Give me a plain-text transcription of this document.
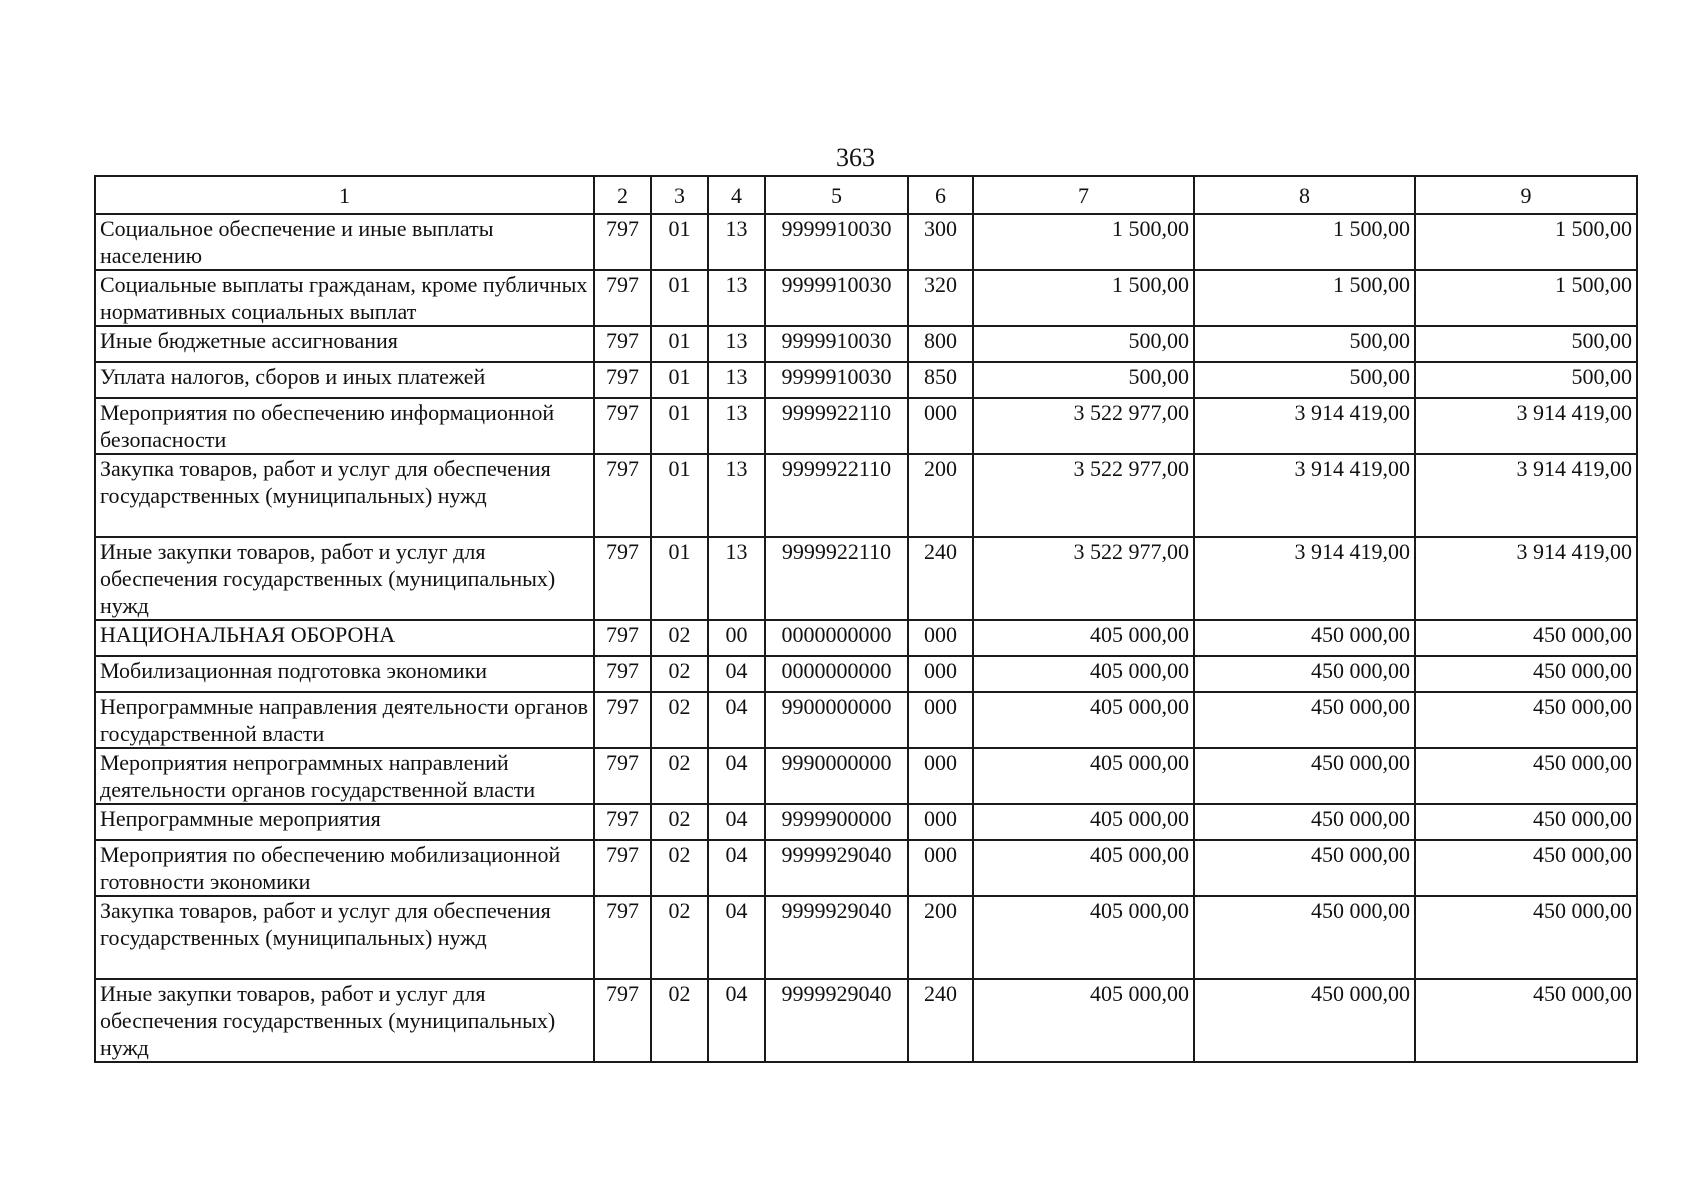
363
1	2	3	4	5	6	7	8	9
Социальное обеспечение и иные выплаты населению	797	01	13	9999910030	300	1 500,00	1 500,00	1 500,00
Социальные выплаты гражданам, кроме публичных нормативных социальных выплат	797	01	13	9999910030	320	1 500,00	1 500,00	1 500,00
Иные бюджетные ассигнования	797	01	13	9999910030	800	500,00	500,00	500,00
Уплата налогов, сборов и иных платежей	797	01	13	9999910030	850	500,00	500,00	500,00
Мероприятия по обеспечению информационной безопасности	797	01	13	9999922110	000	3 522 977,00	3 914 419,00	3 914 419,00
Закупка товаров, работ и услуг для обеспечения государственных (муниципальных) нужд	797	01	13	9999922110	200	3 522 977,00	3 914 419,00	3 914 419,00
Иные закупки товаров, работ и услуг для обеспечения государственных (муниципальных) нужд	797	01	13	9999922110	240	3 522 977,00	3 914 419,00	3 914 419,00
НАЦИОНАЛЬНАЯ ОБОРОНА	797	02	00	0000000000	000	405 000,00	450 000,00	450 000,00
Мобилизационная подготовка экономики	797	02	04	0000000000	000	405 000,00	450 000,00	450 000,00
Непрограммные направления деятельности органов государственной власти	797	02	04	9900000000	000	405 000,00	450 000,00	450 000,00
Мероприятия непрограммных направлений деятельности органов государственной власти	797	02	04	9990000000	000	405 000,00	450 000,00	450 000,00
Непрограммные мероприятия	797	02	04	9999900000	000	405 000,00	450 000,00	450 000,00
Мероприятия по обеспечению мобилизационной готовности экономики	797	02	04	9999929040	000	405 000,00	450 000,00	450 000,00
Закупка товаров, работ и услуг для обеспечения государственных (муниципальных) нужд	797	02	04	9999929040	200	405 000,00	450 000,00	450 000,00
Иные закупки товаров, работ и услуг для обеспечения государственных (муниципальных) нужд	797	02	04	9999929040	240	405 000,00	450 000,00	450 000,00
